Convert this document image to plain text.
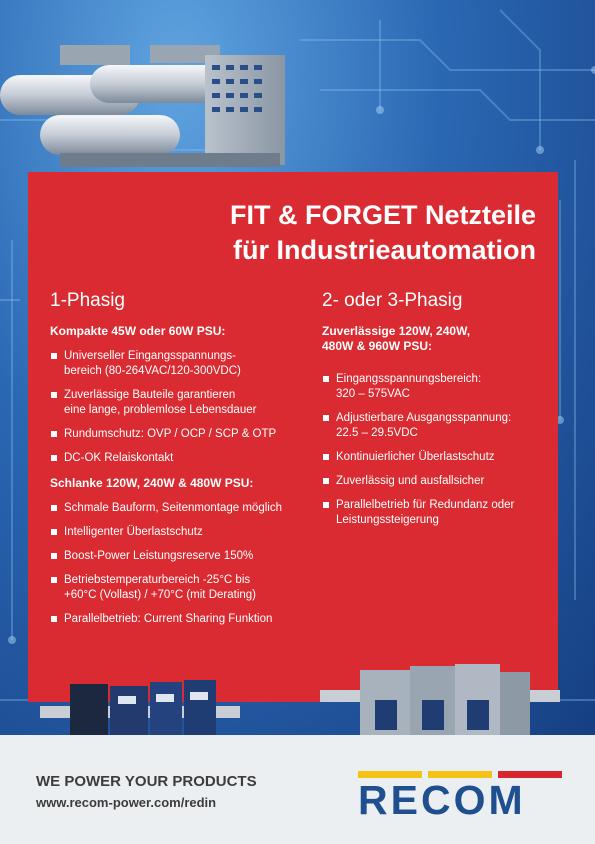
FIT & FORGET Netzteile
für Industrieautomation
1-Phasig
Kompakte 45W oder 60W PSU:
Universeller Eingangsspannungs-
bereich (80-264VAC/120-300VDC)
Zuverlässige Bauteile garantieren
eine lange, problemlose Lebensdauer
Rundumschutz: OVP / OCP / SCP & OTP
DC-OK Relaiskontakt
Schlanke 120W, 240W & 480W PSU:
Schmale Bauform, Seitenmontage möglich
Intelligenter Überlastschutz
Boost-Power Leistungsreserve 150%
Betriebstemperaturbereich -25°C bis
+60°C (Vollast) / +70°C (mit Derating)
Parallelbetrieb: Current Sharing Funktion
2- oder 3-Phasig
Zuverlässige 120W, 240W,
480W & 960W PSU:
Eingangsspannungsbereich:
320 – 575VAC
Adjustierbare Ausgangsspannung:
22.5 – 29.5VDC
Kontinuierlicher Überlastschutz
Zuverlässig und ausfallsicher
Parallelbetrieb für Redundanz oder
Leistungssteigerung
WE POWER YOUR PRODUCTS
www.recom-power.com/redin	RECOM
